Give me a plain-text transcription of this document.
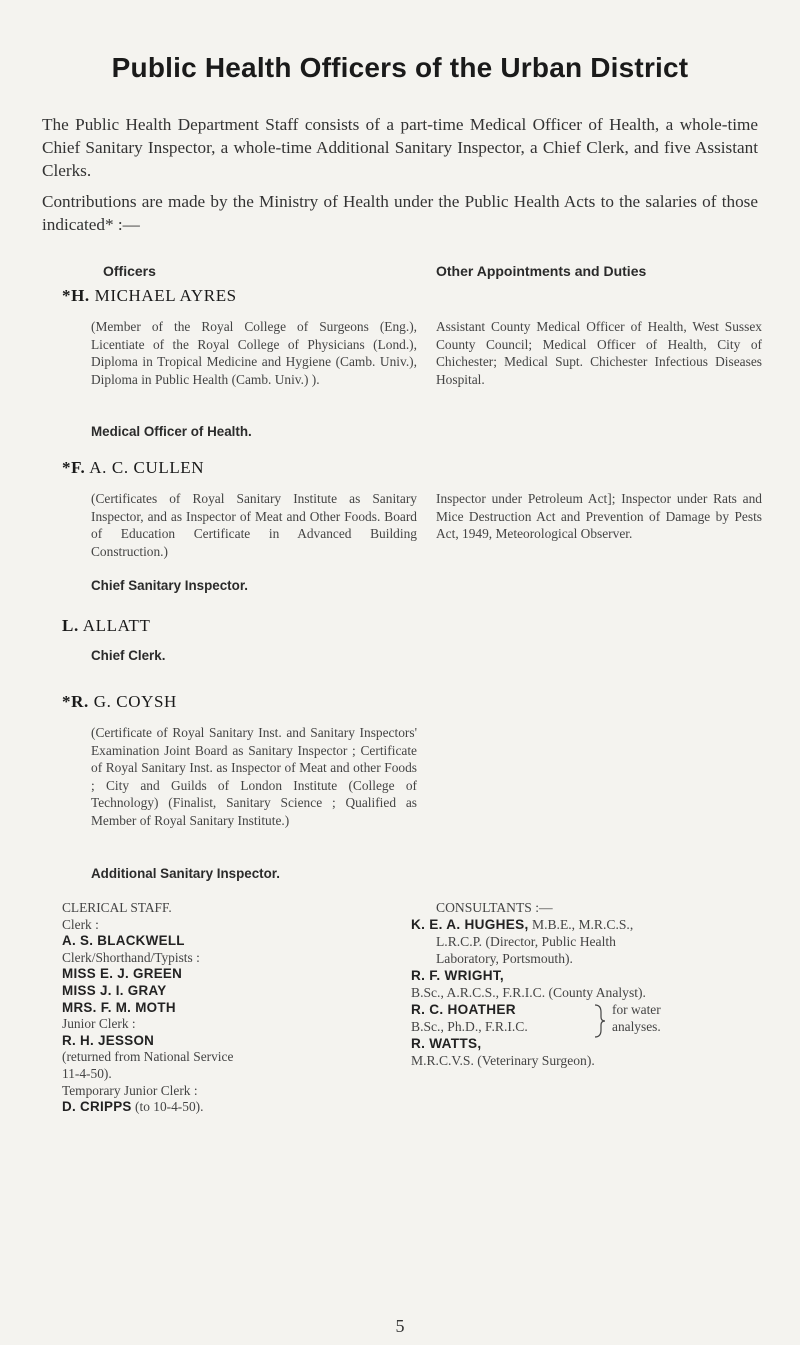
Public Health Officers of the Urban District

The Public Health Department Staff consists of a part-time Medical Officer of Health, a whole-time Chief Sanitary Inspector, a whole-time Additional Sanitary Inspector, a Chief Clerk, and five Assistant Clerks.

Contributions are made by the Ministry of Health under the Public Health Acts to the salaries of those indicated* :—

Officers	Other Appointments and Duties
*H. MICHAEL AYRES
(Member of the Royal College of Surgeons (Eng.), Licentiate of the Royal College of Physicians (Lond.), Diploma in Tropical Medicine and Hygiene (Camb. Univ.), Diploma in Public Health (Camb. Univ.) ).
Medical Officer of Health.
Assistant County Medical Officer of Health, West Sussex County Council; Medical Officer of Health, City of Chichester; Medical Supt. Chichester Infectious Diseases Hospital.
*F. A. C. CULLEN
(Certificates of Royal Sanitary Institute as Sanitary Inspector, and as Inspector of Meat and Other Foods. Board of Education Certificate in Advanced Building Construction.)
Chief Sanitary Inspector.
Inspector under Petroleum Act]; Inspector under Rats and Mice Destruction Act and Prevention of Damage by Pests Act, 1949, Meteorological Observer.
L. ALLATT
Chief Clerk.
*R. G. COYSH
(Certificate of Royal Sanitary Inst. and Sanitary Inspectors' Examination Joint Board as Sanitary Inspector ; Certificate of Royal Sanitary Inst. as Inspector of Meat and other Foods ; City and Guilds of London Institute (College of Technology) (Finalist, Sanitary Science ; Qualified as Member of Royal Sanitary Institute.)
Additional Sanitary Inspector.
CLERICAL STAFF.
Clerk :
A. S. BLACKWELL
Clerk/Shorthand/Typists :
MISS E. J. GREEN
MISS J. I. GRAY
MRS. F. M. MOTH
Junior Clerk :
R. H. JESSON
(returned from National Service
11-4-50).
Temporary Junior Clerk :
D. CRIPPS (to 10-4-50).
CONSULTANTS :—
K. E. A. HUGHES, M.B.E., M.R.C.S.,
L.R.C.P. (Director, Public Health
Laboratory, Portsmouth).
R. F. WRIGHT,
B.Sc., A.R.C.S., F.R.I.C. (County Analyst).
R. C. HOATHER
B.Sc., Ph.D., F.R.I.C.
for water
analyses.
R. WATTS,
M.R.C.V.S. (Veterinary Surgeon).
5
